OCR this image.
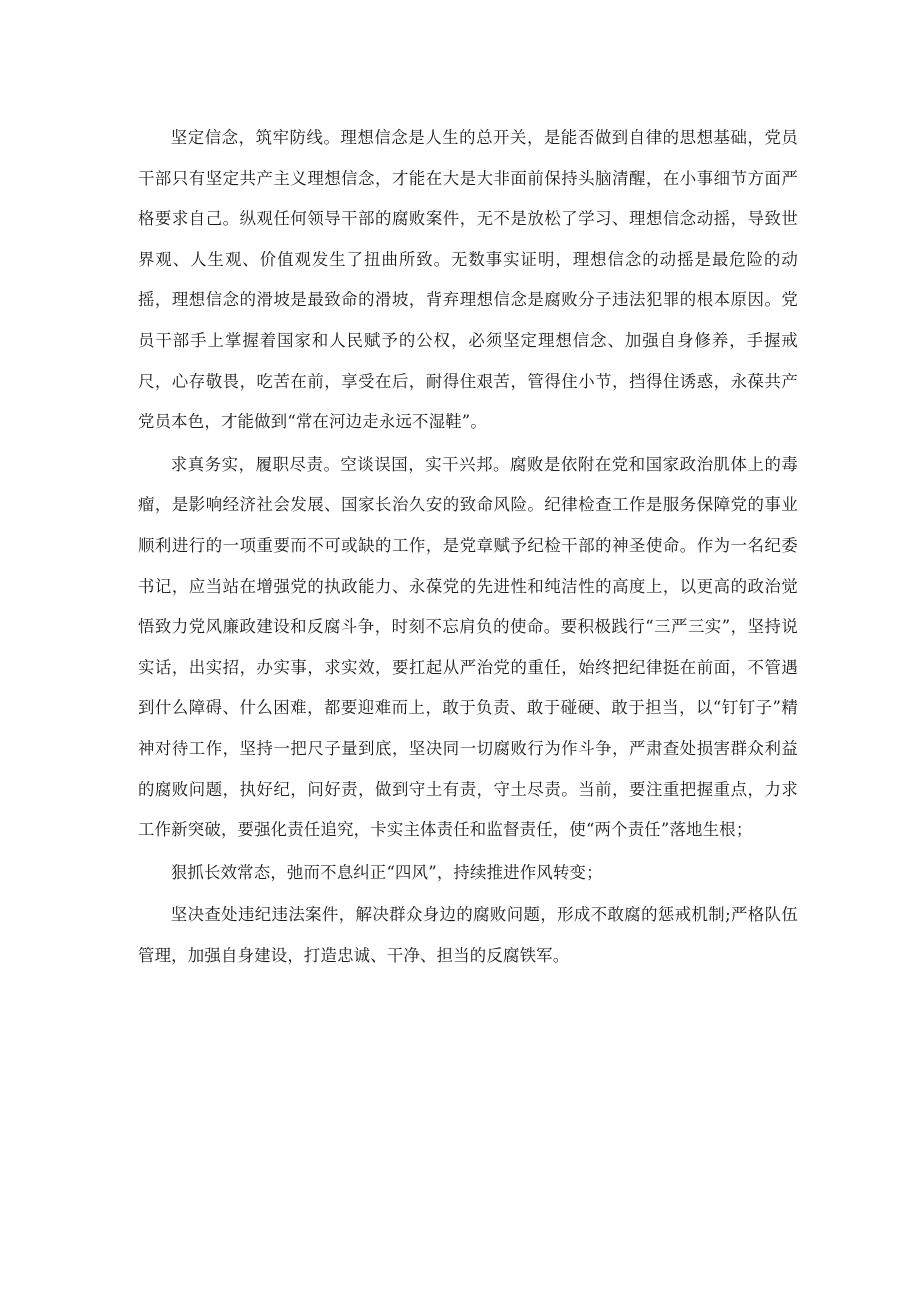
坚定信念，筑牢防线。理想信念是人生的总开关，是能否做到自律的思想基础，党员干部只有坚定共产主义理想信念，才能在大是大非面前保持头脑清醒，在小事细节方面严格要求自己。纵观任何领导干部的腐败案件，无不是放松了学习、理想信念动摇，导致世界观、人生观、价值观发生了扭曲所致。无数事实证明，理想信念的动摇是最危险的动摇，理想信念的滑坡是最致命的滑坡，背弃理想信念是腐败分子违法犯罪的根本原因。党员干部手上掌握着国家和人民赋予的公权，必须坚定理想信念、加强自身修养，手握戒尺，心存敬畏，吃苦在前，享受在后，耐得住艰苦，管得住小节，挡得住诱惑，永葆共产党员本色，才能做到“常在河边走永远不湿鞋”。

求真务实，履职尽责。空谈误国，实干兴邦。腐败是依附在党和国家政治肌体上的毒瘤，是影响经济社会发展、国家长治久安的致命风险。纪律检查工作是服务保障党的事业顺利进行的一项重要而不可或缺的工作，是党章赋予纪检干部的神圣使命。作为一名纪委书记，应当站在增强党的执政能力、永葆党的先进性和纯洁性的高度上，以更高的政治觉悟致力党风廉政建设和反腐斗争，时刻不忘肩负的使命。要积极践行“三严三实”，坚持说实话，出实招，办实事，求实效，要扛起从严治党的重任，始终把纪律挺在前面，不管遇到什么障碍、什么困难，都要迎难而上，敢于负责、敢于碰硬、敢于担当，以“钉钉子”精神对待工作，坚持一把尺子量到底，坚决同一切腐败行为作斗争，严肃查处损害群众利益的腐败问题，执好纪，问好责，做到守土有责，守土尽责。当前，要注重把握重点，力求工作新突破，要强化责任追究，卡实主体责任和监督责任，使“两个责任”落地生根；

狠抓长效常态，弛而不息纠正“四风”，持续推进作风转变；

坚决查处违纪违法案件，解决群众身边的腐败问题，形成不敢腐的惩戒机制;严格队伍管理，加强自身建设，打造忠诚、干净、担当的反腐铁军。
